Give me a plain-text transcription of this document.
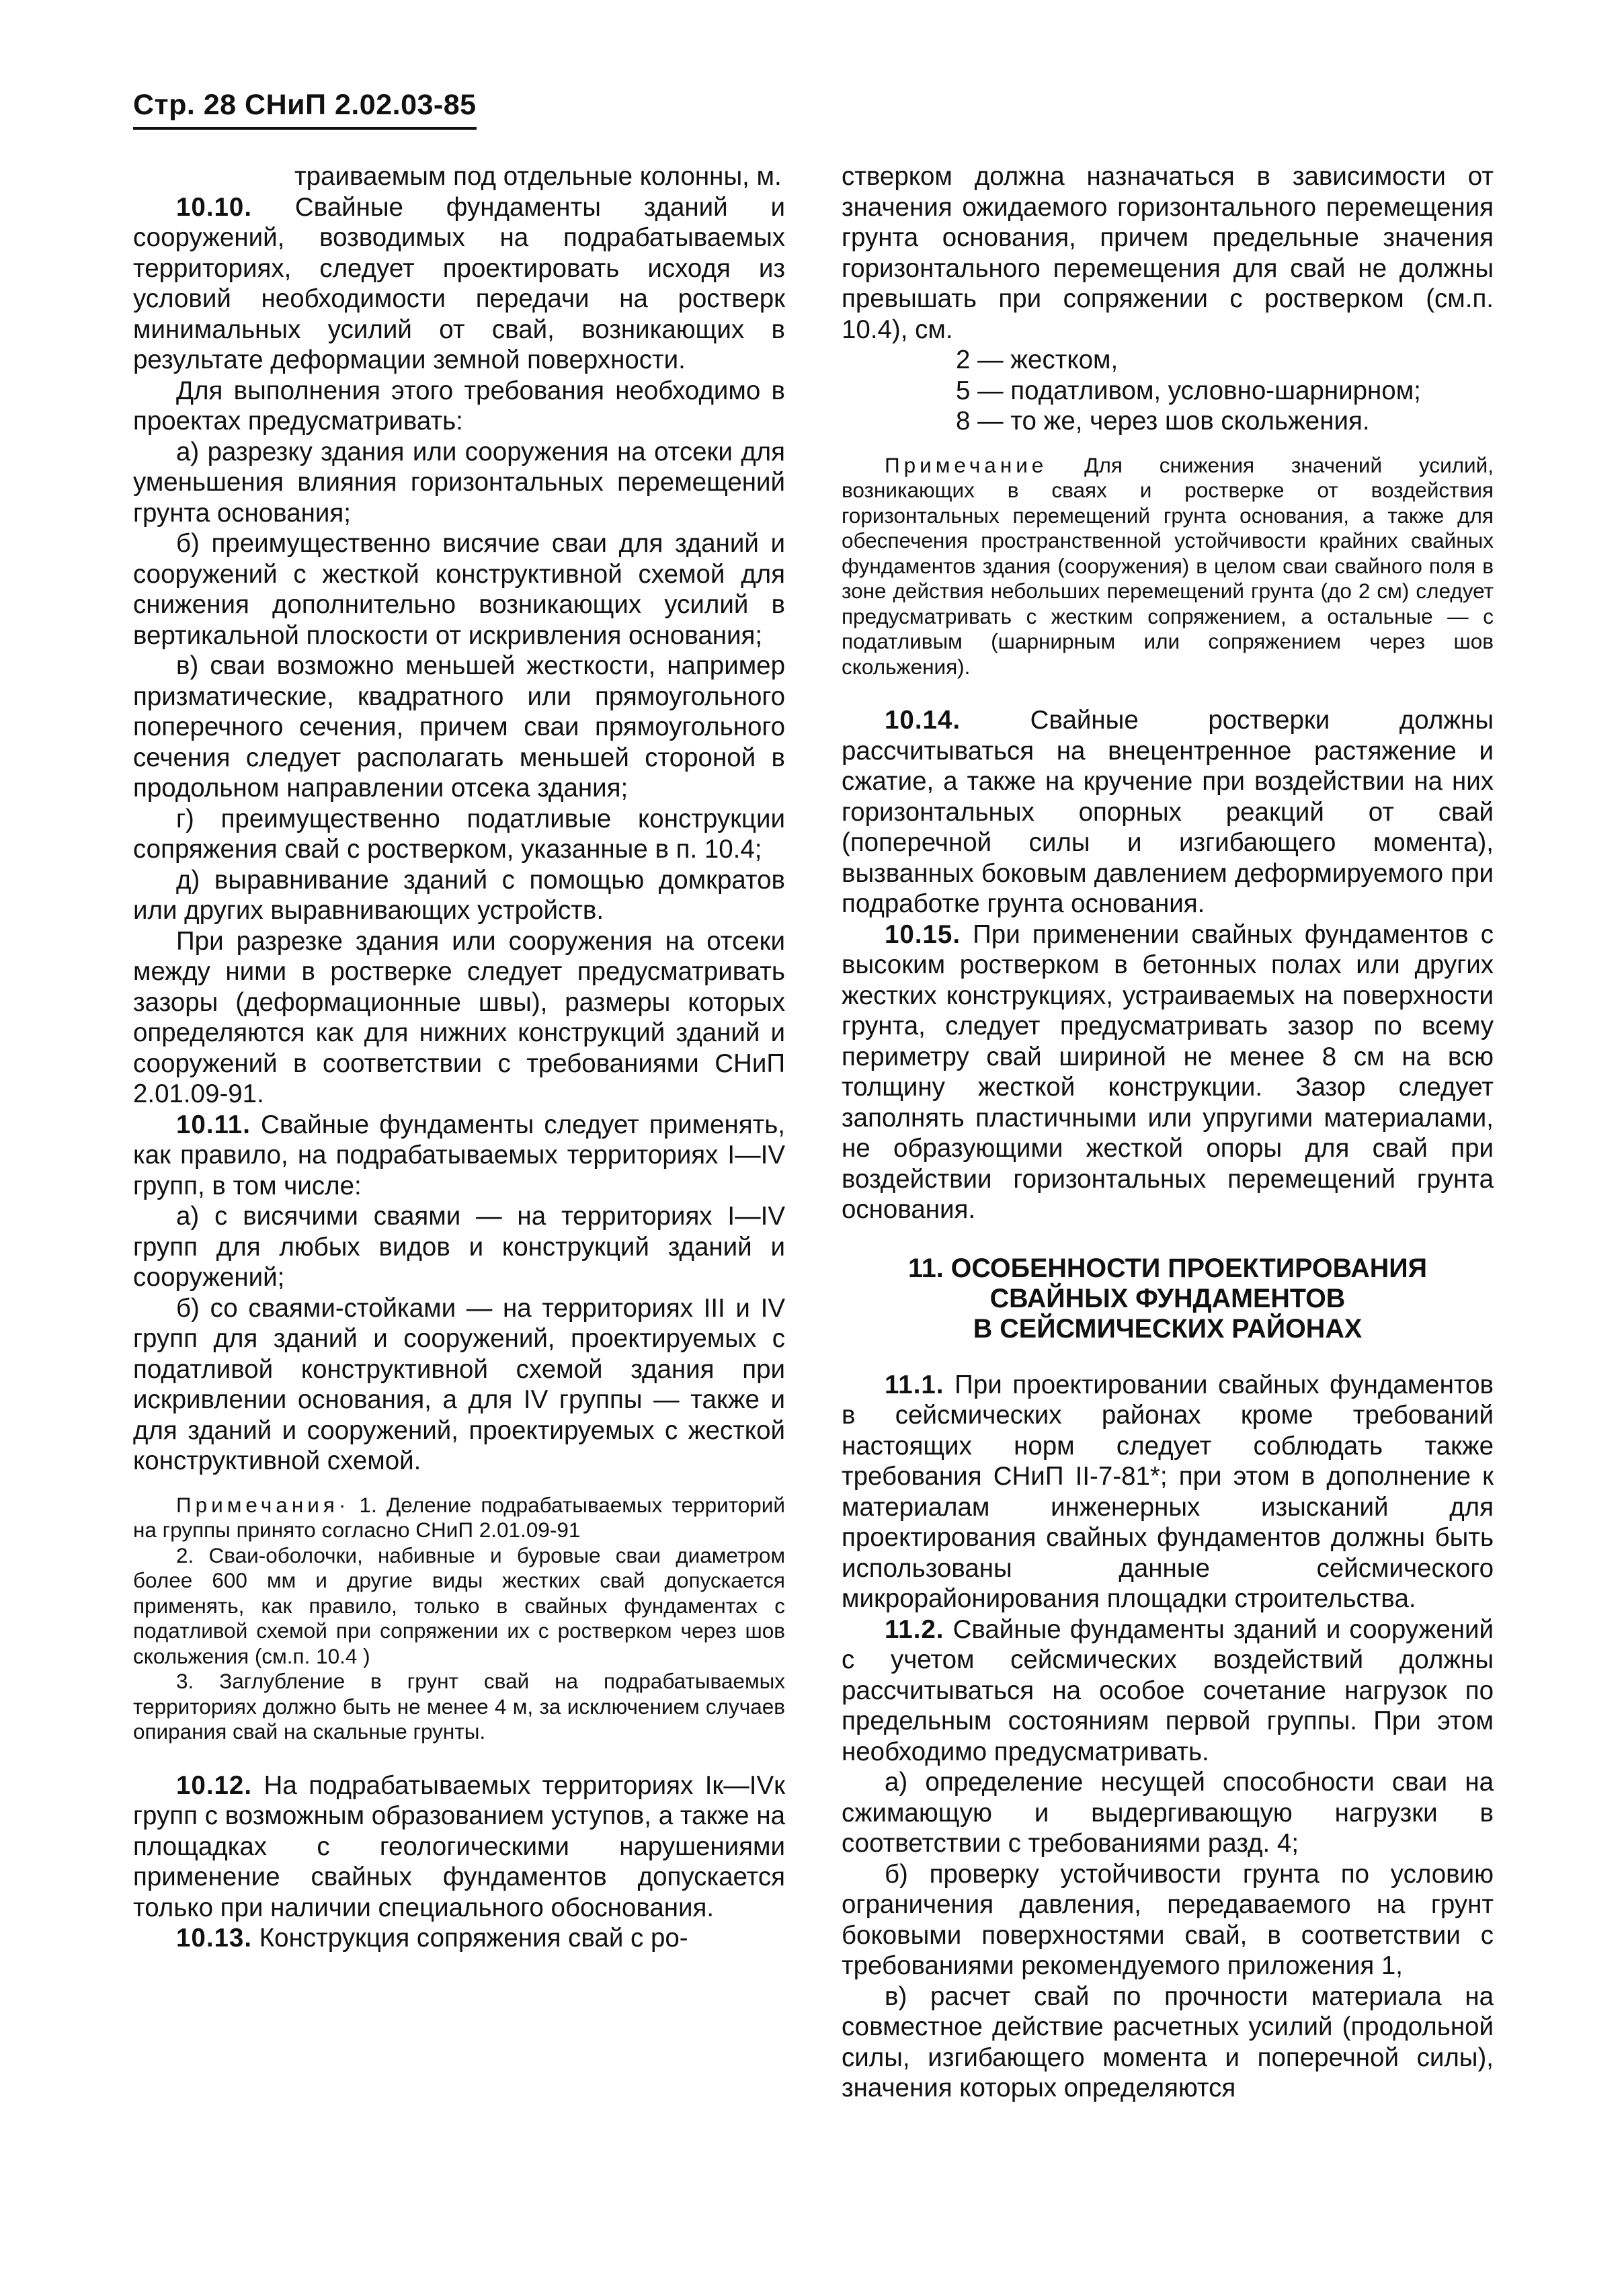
Стр. 28 СНиП 2.02.03-85

траиваемым под отдельные колонны, м.

10.10. Свайные фундаменты зданий и сооружений, возводимых на подрабатываемых территориях, следует проектировать исходя из условий необходимости передачи на ростверк минимальных усилий от свай, возникающих в результате деформации земной поверхности.

Для выполнения этого требования необходимо в проектах предусматривать:

а) разрезку здания или сооружения на отсеки для уменьшения влияния горизонтальных перемещений грунта основания;

б) преимущественно висячие сваи для зданий и сооружений с жесткой конструктивной схемой для снижения дополнительно возникающих усилий в вертикальной плоскости от искривления основания;

в) сваи возможно меньшей жесткости, например призматические, квадратного или прямоугольного поперечного сечения, причем сваи прямоугольного сечения следует располагать меньшей стороной в продольном направлении отсека здания;

г) преимущественно податливые конструкции сопряжения свай с ростверком, указанные в п. 10.4;

д) выравнивание зданий с помощью домкратов или других выравнивающих устройств.

При разрезке здания или сооружения на отсеки между ними в ростверке следует предусматривать зазоры (деформационные швы), размеры которых определяются как для нижних конструкций зданий и сооружений в соответствии с требованиями СНиП 2.01.09-91.

10.11. Свайные фундаменты следует применять, как правило, на подрабатываемых территориях I—IV групп, в том числе:

а) с висячими сваями — на территориях I—IV групп для любых видов и конструкций зданий и сооружений;

б) со сваями-стойками — на территориях III и IV групп для зданий и сооружений, проектируемых с податливой конструктивной схемой здания при искривлении основания, а для IV группы — также и для зданий и сооружений, проектируемых с жесткой конструктивной схемой.

Примечания· 1. Деление подрабатываемых территорий на группы принято согласно СНиП 2.01.09-91

2. Сваи-оболочки, набивные и буровые сваи диаметром более 600 мм и другие виды жестких свай допускается применять, как правило, только в свайных фундаментах с податливой схемой при сопряжении их с ростверком через шов скольжения (см.п. 10.4 )

3. Заглубление в грунт свай на подрабатываемых территориях должно быть не менее 4 м, за исключением случаев опирания свай на скальные грунты.

10.12. На подрабатываемых территориях Iк—IVк групп с возможным образованием уступов, а также на площадках с геологическими нарушениями применение свайных фундаментов допускается только при наличии специального обоснования.

10.13. Конструкция сопряжения свай с ро-

стверком должна назначаться в зависимости от значения ожидаемого горизонтального перемещения грунта основания, причем предельные значения горизонтального перемещения для свай не должны превышать при сопряжении с ростверком (см.п. 10.4), см.

2 — жестком,

5 — податливом, условно-шарнирном;

8 — то же, через шов скольжения.

Примечание Для снижения значений усилий, возникающих в сваях и ростверке от воздействия горизонтальных перемещений грунта основания, а также для обеспечения пространственной устойчивости крайних свайных фундаментов здания (сооружения) в целом сваи свайного поля в зоне действия небольших перемещений грунта (до 2 см) следует предусматривать с жестким сопряжением, а остальные — с податливым (шарнирным или сопряжением через шов скольжения).

10.14. Свайные ростверки должны рассчитываться на внецентренное растяжение и сжатие, а также на кручение при воздействии на них горизонтальных опорных реакций от свай (поперечной силы и изгибающего момента), вызванных боковым давлением деформируемого при подработке грунта основания.

10.15. При применении свайных фундаментов с высоким ростверком в бетонных полах или других жестких конструкциях, устраиваемых на поверхности грунта, следует предусматривать зазор по всему периметру свай шириной не менее 8 см на всю толщину жесткой конструкции. Зазор следует заполнять пластичными или упругими материалами, не образующими жесткой опоры для свай при воздействии горизонтальных перемещений грунта основания.

11. ОСОБЕННОСТИ ПРОЕКТИРОВАНИЯ
СВАЙНЫХ ФУНДАМЕНТОВ
В СЕЙСМИЧЕСКИХ РАЙОНАХ

11.1. При проектировании свайных фундаментов в сейсмических районах кроме требований настоящих норм следует соблюдать также требования СНиП II-7-81*; при этом в дополнение к материалам инженерных изысканий для проектирования свайных фундаментов должны быть использованы данные сейсмического микрорайонирования площадки строительства.

11.2. Свайные фундаменты зданий и сооружений с учетом сейсмических воздействий должны рассчитываться на особое сочетание нагрузок по предельным состояниям первой группы. При этом необходимо предусматривать.

а) определение несущей способности сваи на сжимающую и выдергивающую нагрузки в соответствии с требованиями разд. 4;

б) проверку устойчивости грунта по условию ограничения давления, передаваемого на грунт боковыми поверхностями свай, в соответствии с требованиями рекомендуемого приложения 1,

в) расчет свай по прочности материала на совместное действие расчетных усилий (продольной силы, изгибающего момента и поперечной силы), значения которых определяются
